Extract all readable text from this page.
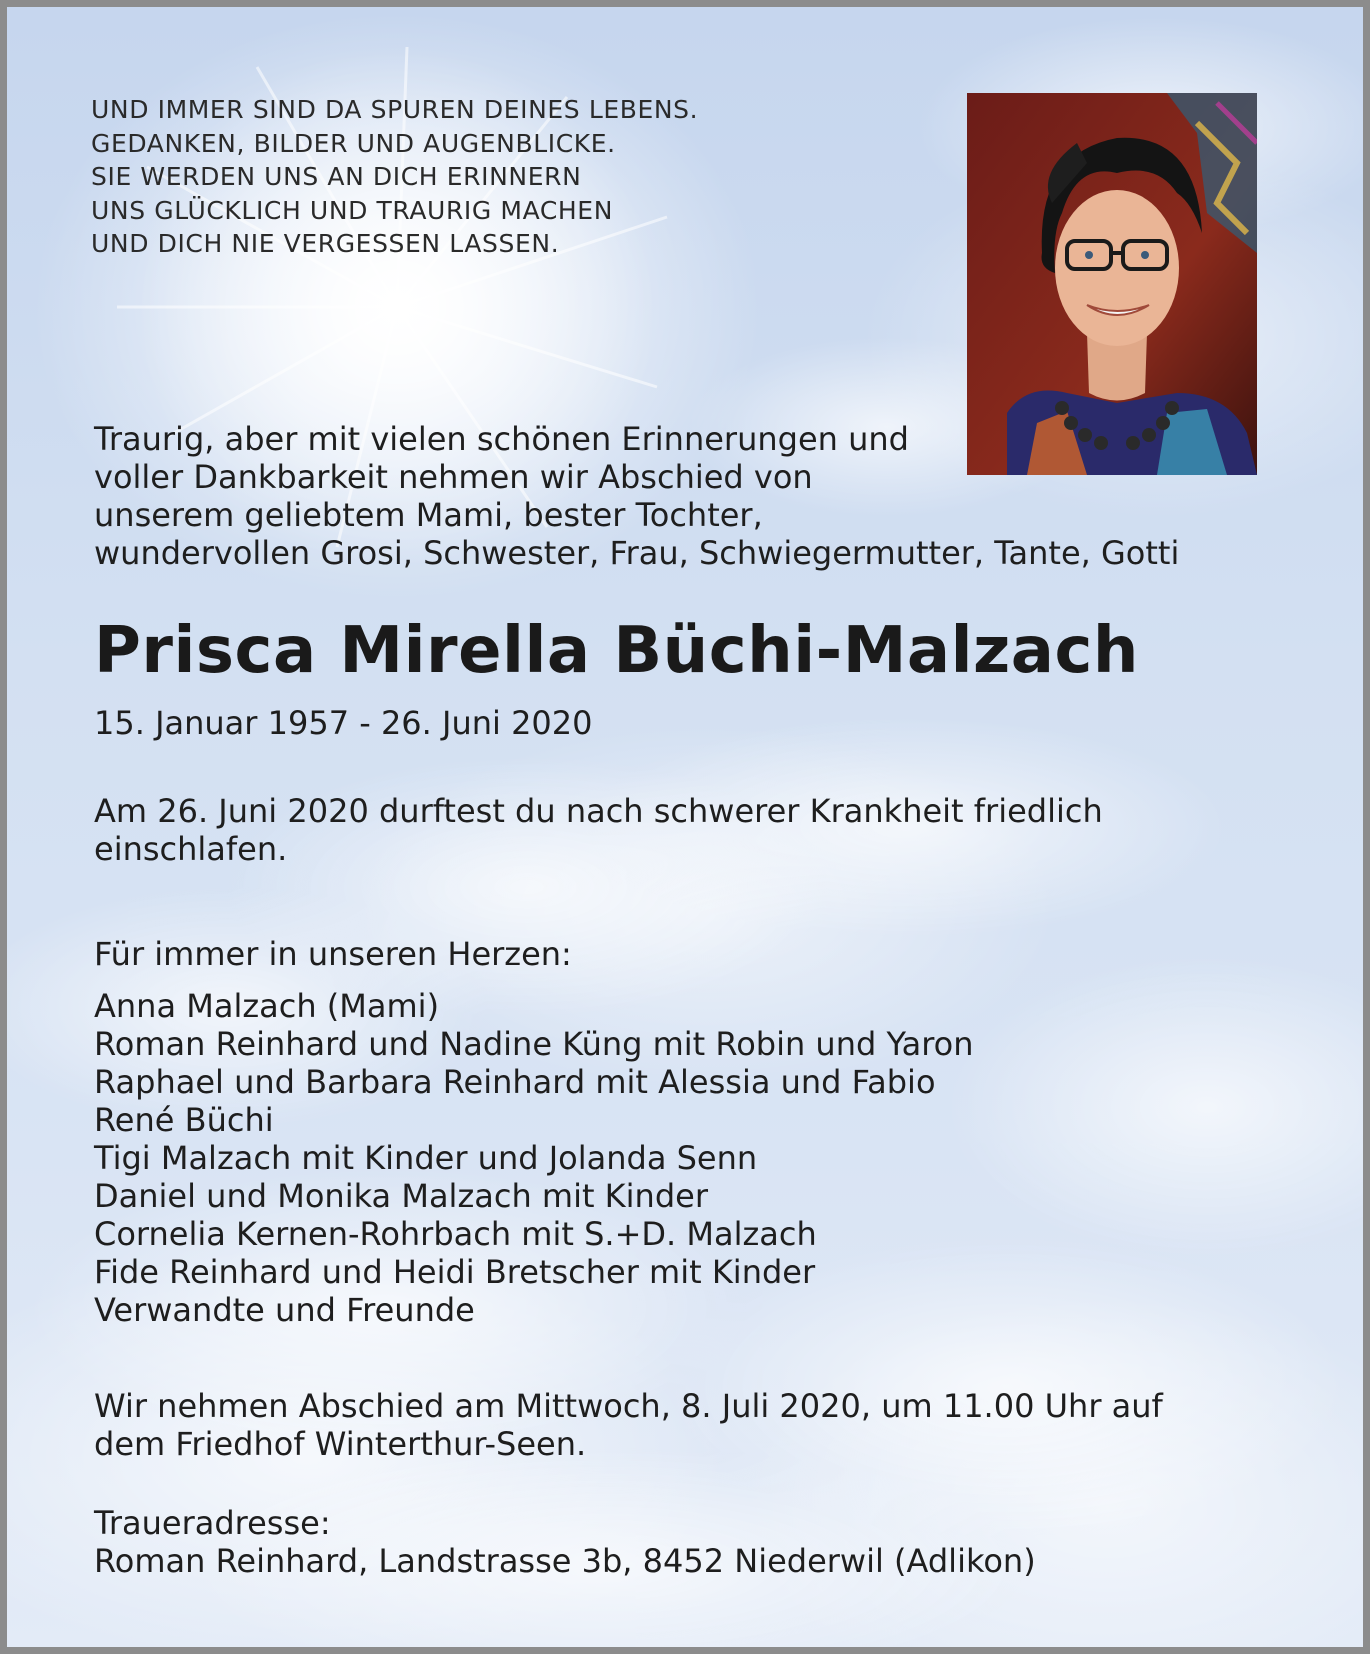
UND IMMER SIND DA SPUREN DEINES LEBENS.
GEDANKEN, BILDER UND AUGENBLICKE.
SIE WERDEN UNS AN DICH ERINNERN
UNS GLÜCKLICH UND TRAURIG MACHEN
UND DICH NIE VERGESSEN LASSEN.
Traurig, aber mit vielen schönen Erinnerungen und
voller Dankbarkeit nehmen wir Abschied von
unserem geliebtem Mami, bester Tochter,
wundervollen Grosi, Schwester, Frau, Schwiegermutter, Tante, Gotti
Prisca Mirella Büchi-Malzach
15. Januar 1957 - 26. Juni 2020
Am 26. Juni 2020 durftest du nach schwerer Krankheit friedlich
einschlafen.
Für immer in unseren Herzen:
Anna Malzach (Mami)
Roman Reinhard und Nadine Küng mit Robin und Yaron
Raphael und Barbara Reinhard mit Alessia und Fabio
René Büchi
Tigi Malzach mit Kinder und Jolanda Senn
Daniel und Monika Malzach mit Kinder
Cornelia Kernen-Rohrbach mit S.+D. Malzach
Fide Reinhard und Heidi Bretscher mit Kinder
Verwandte und Freunde
Wir nehmen Abschied am Mittwoch, 8. Juli 2020, um 11.00 Uhr auf
dem Friedhof Winterthur-Seen.
Traueradresse:
Roman Reinhard, Landstrasse 3b, 8452 Niederwil (Adlikon)
